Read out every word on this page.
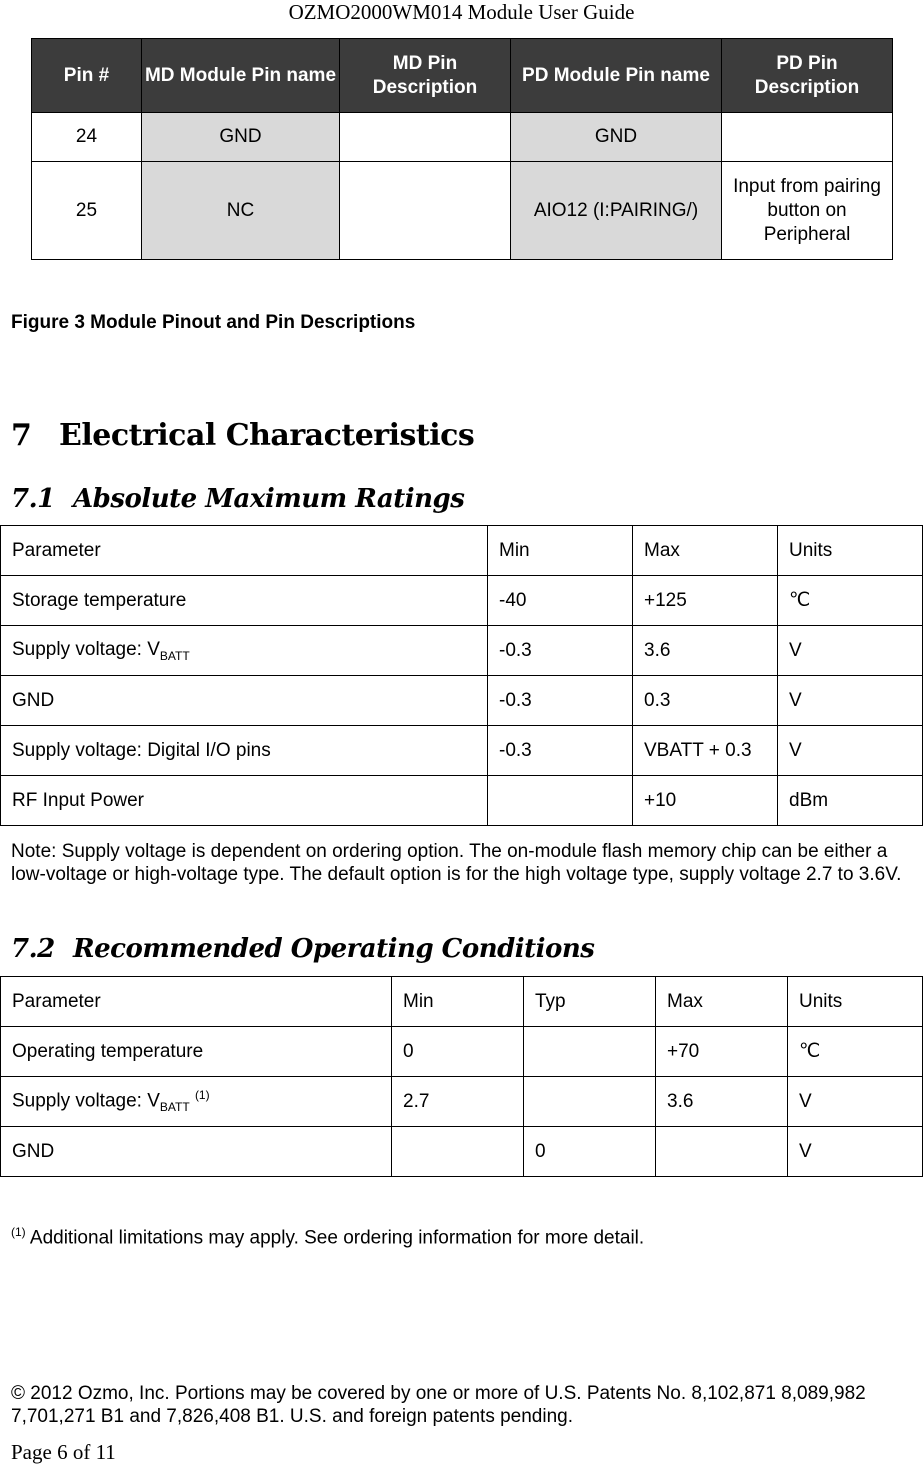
OZMO2000WM014 Module User Guide
Pin #	MD Module Pin name	MD Pin Description	PD Module Pin name	PD Pin Description
24	GND		GND	
25	NC		AIO12 (I:PAIRING/)	Input from pairing button on Peripheral
Figure 3 Module Pinout and Pin Descriptions
7 Electrical Characteristics
7.1 Absolute Maximum Ratings
Parameter	Min	Max	Units
Storage temperature	-40	+125	℃
Supply voltage: $V_{BATT}$	-0.3	3.6	V
GND	-0.3	0.3	V
Supply voltage: Digital I/O pins	-0.3	VBATT + 0.3	V
RF Input Power		+10	dBm
Note: Supply voltage is dependent on ordering option. The on-module flash memory chip can be either a low-voltage or high-voltage type. The default option is for the high voltage type, supply voltage 2.7 to 3.6V.
7.2 Recommended Operating Conditions
Parameter	Min	Typ	Max	Units
Operating temperature	0		+70	℃
Supply voltage: $V_{BATT}$ $^{(1)}$	2.7		3.6	V
GND		0		V
$^{(1)}$ Additional limitations may apply. See ordering information for more detail.
© 2012 Ozmo, Inc. Portions may be covered by one or more of U.S. Patents No. 8,102,871 8,089,982 7,701,271 B1 and 7,826,408 B1. U.S. and foreign patents pending.
Page 6 of 11
